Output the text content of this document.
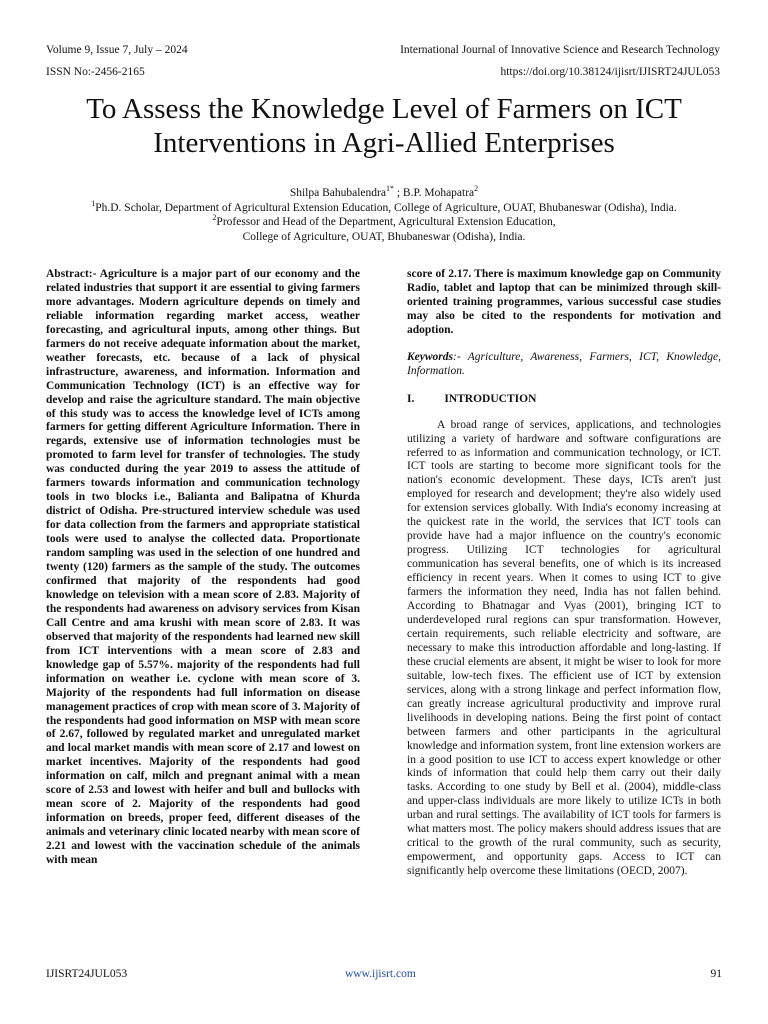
Volume 9, Issue 7, July – 2024	International Journal of Innovative Science and Research Technology
ISSN No:-2456-2165	https://doi.org/10.38124/ijisrt/IJISRT24JUL053
To Assess the Knowledge Level of Farmers on ICT
Interventions in Agri-Allied Enterprises
Shilpa Bahubalendra$^{1*}$ ; B.P. Mohapatra$^2$
$^1$Ph.D. Scholar, Department of Agricultural Extension Education, College of Agriculture, OUAT, Bhubaneswar (Odisha), India.
$^2$Professor and Head of the Department, Agricultural Extension Education,
College of Agriculture, OUAT, Bhubaneswar (Odisha), India.

Abstract:- Agriculture is a major part of our economy and the related industries that support it are essential to giving farmers more advantages. Modern agriculture depends on timely and reliable information regarding market access, weather forecasting, and agricultural inputs, among other things. But farmers do not receive adequate information about the market, weather forecasts, etc. because of a lack of physical infrastructure, awareness, and information. Information and Communication Technology (ICT) is an effective way for develop and raise the agriculture standard. The main objective of this study was to access the knowledge level of ICTs among farmers for getting different Agriculture Information. There in regards, extensive use of information technologies must be promoted to farm level for transfer of technologies. The study was conducted during the year 2019 to assess the attitude of farmers towards information and communication technology tools in two blocks i.e., Balianta and Balipatna of Khurda district of Odisha. Pre-structured interview schedule was used for data collection from the farmers and appropriate statistical tools were used to analyse the collected data. Proportionate random sampling was used in the selection of one hundred and twenty (120) farmers as the sample of the study. The outcomes confirmed that majority of the respondents had good knowledge on television with a mean score of 2.83. Majority of the respondents had awareness on advisory services from Kisan Call Centre and ama krushi with mean score of 2.83. It was observed that majority of the respondents had learned new skill from ICT interventions with a mean score of 2.83 and knowledge gap of 5.57%. majority of the respondents had full information on weather i.e. cyclone with mean score of 3. Majority of the respondents had full information on disease management practices of crop with mean score of 3. Majority of the respondents had good information on MSP with mean score of 2.67, followed by regulated market and unregulated market and local market mandis with mean score of 2.17 and lowest on market incentives. Majority of the respondents had good information on calf, milch and pregnant animal with a mean score of 2.53 and lowest with heifer and bull and bullocks with mean score of 2. Majority of the respondents had good information on breeds, proper feed, different diseases of the animals and veterinary clinic located nearby with mean score of 2.21 and lowest with the vaccination schedule of the animals with mean

score of 2.17. There is maximum knowledge gap on Community Radio, tablet and laptop that can be minimized through skill-oriented training programmes, various successful case studies may also be cited to the respondents for motivation and adoption.

Keywords:- Agriculture, Awareness, Farmers, ICT, Knowledge, Information.

I.	INTRODUCTION

A broad range of services, applications, and technologies utilizing a variety of hardware and software configurations are referred to as information and communication technology, or ICT. ICT tools are starting to become more significant tools for the nation's economic development. These days, ICTs aren't just employed for research and development; they're also widely used for extension services globally. With India's economy increasing at the quickest rate in the world, the services that ICT tools can provide have had a major influence on the country's economic progress. Utilizing ICT technologies for agricultural communication has several benefits, one of which is its increased efficiency in recent years. When it comes to using ICT to give farmers the information they need, India has not fallen behind. According to Bhatnagar and Vyas (2001), bringing ICT to underdeveloped rural regions can spur transformation. However, certain requirements, such reliable electricity and software, are necessary to make this introduction affordable and long-lasting. If these crucial elements are absent, it might be wiser to look for more suitable, low-tech fixes. The efficient use of ICT by extension services, along with a strong linkage and perfect information flow, can greatly increase agricultural productivity and improve rural livelihoods in developing nations. Being the first point of contact between farmers and other participants in the agricultural knowledge and information system, front line extension workers are in a good position to use ICT to access expert knowledge or other kinds of information that could help them carry out their daily tasks. According to one study by Bell et al. (2004), middle-class and upper-class individuals are more likely to utilize ICTs in both urban and rural settings. The availability of ICT tools for farmers is what matters most. The policy makers should address issues that are critical to the growth of the rural community, such as security, empowerment, and opportunity gaps. Access to ICT can significantly help overcome these limitations (OECD, 2007).

IJISRT24JUL053	www.ijisrt.com	91
